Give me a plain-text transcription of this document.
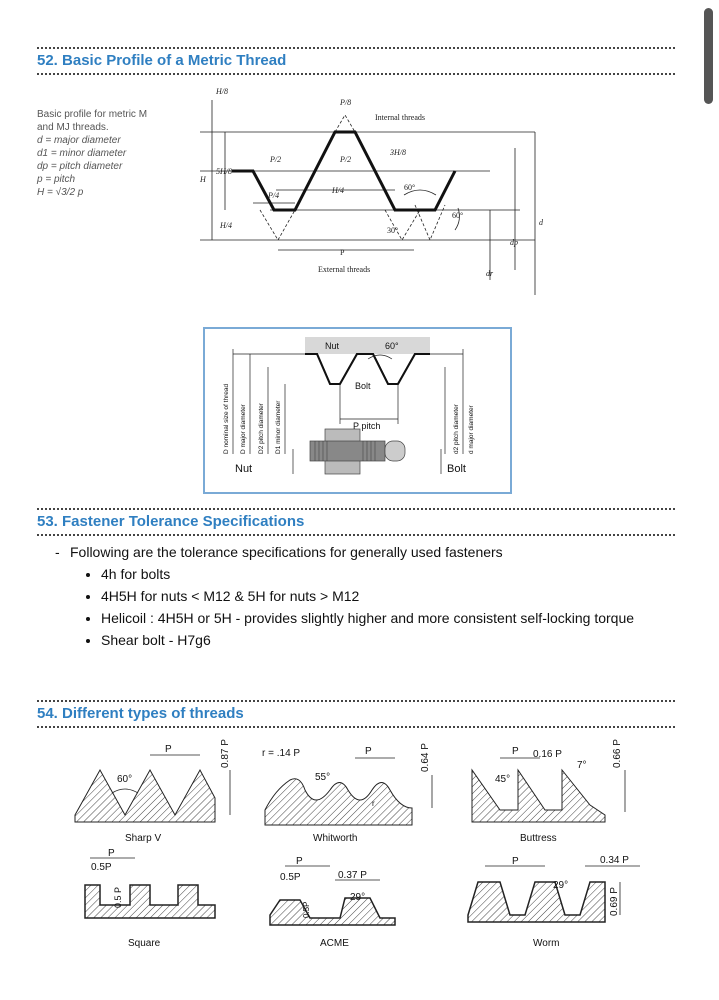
52. Basic Profile of a Metric Thread
Basic profile for metric M
and MJ threads.
d = major diameter
d1 = minor diameter
dp = pitch diameter
p = pitch
H = √3/2 p
Internal threads
External threads
60°
60°
30°
P
H/8
P/8
P/2	P/2
P/4
H/4
H/4
5H/8
3H/8
H
d
dp
dr
Nut	60°
Bolt
P pitch
Nut	Bolt
D nominal size of thread D major diameter D2 pitch diameter D1 minor diameter	d2 pitch diameter d major diameter
53. Fastener Tolerance Specifications
- Following are the tolerance specifications for generally used fasteners
• 4h for bolts
• 4H5H for nuts < M12 & 5H for nuts > M12
• Helicoil : 4H5H or 5H - provides slightly higher and more consistent self-locking torque
• Shear bolt - H7g6
54. Different types of threads
P
60°
0.87 P
Sharp V
r = .14 P	P
55°
r
0.64 P
Whitworth
P 0.16 P
45°
7°	0.66 P
Buttress
P
0.5P
0.5 P
Square
P
0.5P	0.37 P
29°
0.5P
ACME
P	0.34 P
29°
0.69 P
Worm
